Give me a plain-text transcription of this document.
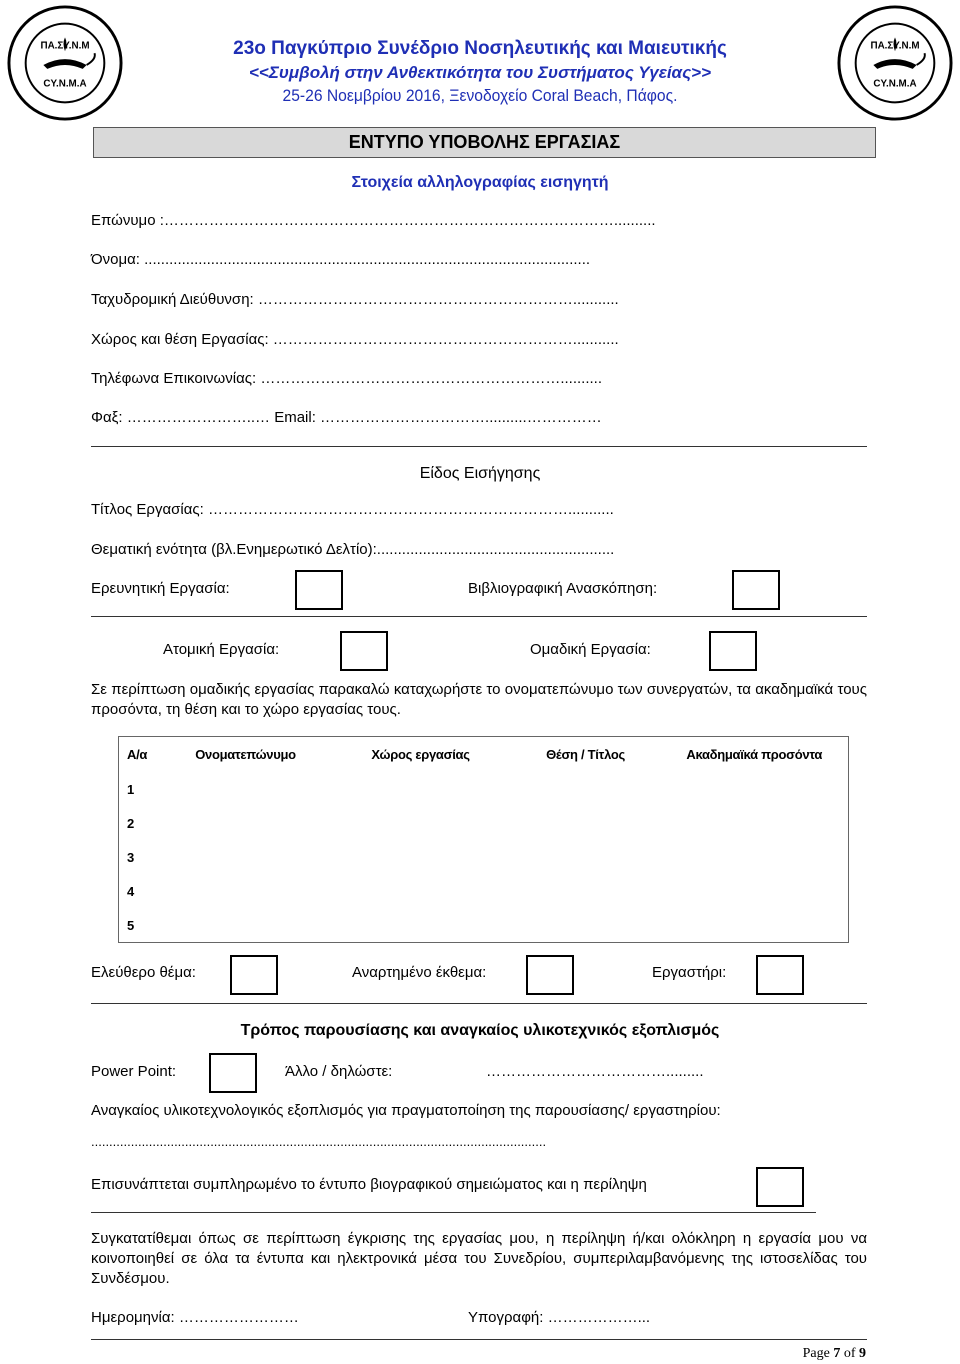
ΠΑ.ΣΥ.Ν.Μ
CY.N.M.A
ΠΑ.ΣΥ.Ν.Μ
CY.N.M.A
23ο Παγκύπριο Συνέδριο Νοσηλευτικής και Μαιευτικής
<<Συμβολή στην Ανθεκτικότητα του Συστήματος Υγείας>>
25-26 Νοεμβρίου 2016, Ξενοδοχείο Coral Beach, Πάφος.
ΕΝΤΥΠΟ ΥΠΟΒΟΛΗΣ ΕΡΓΑΣΙΑΣ
Στοιχεία αλληλογραφίας εισηγητή
Επώνυμο :………………………………………………………………………………..........
Όνομα: ...........................................................................................................
Ταχυδρομική Διεύθυνση: ………………………………………………………...........
Χώρος και θέση Εργασίας: ……………………………………………………...........
Τηλέφωνα Επικοινωνίας: ……………………………………………………..........
Φαξ: ……………………..… Email: ……………………………..........……………
Είδος Εισήγησης
Τίτλος Εργασίας: ………………………………………………………………...........
Θεματική ενότητα (βλ.Ενημερωτικό Δελτίο):.........................................................
Ερευνητική Εργασία:	Βιβλιογραφική Ανασκόπηση:
Ατομική Εργασία:	Ομαδική Εργασία:
Σε περίπτωση ομαδικής εργασίας παρακαλώ καταχωρήστε το ονοματεπώνυμο των συνεργατών, τα ακαδημαϊκά τους προσόντα, τη θέση και το χώρο εργασίας τους.
Α/α	Ονοματεπώνυμο	Χώρος εργασίας	Θέση / Τίτλος	Ακαδημαϊκά προσόντα
1				
2				
3				
4				
5				
Ελεύθερο θέμα:	Αναρτημένο έκθεμα:	Εργαστήρι:
Τρόπος παρουσίασης και αναγκαίος υλικοτεχνικός εξοπλισμός
Power Point:	Άλλο / δηλώστε:	……………………………….........
Αναγκαίος υλικοτεχνολογικός εξοπλισμός για πραγματοποίηση της παρουσίασης/ εργαστηρίου:
..............................................................................................................................
Επισυνάπτεται συμπληρωμένο το έντυπο βιογραφικού σημειώματος και η περίληψη
Συγκατατίθεμαι όπως σε περίπτωση έγκρισης της εργασίας μου, η περίληψη ή/και ολόκληρη η εργασία μου να κοινοποιηθεί σε όλα τα έντυπα και ηλεκτρονικά μέσα του Συνεδρίου, συμπεριλαμβανόμενης της ιστοσελίδας του Συνδέσμου.
Ημερομηνία: ……………………	Υπογραφή: ………………...
Page 7 of 9
